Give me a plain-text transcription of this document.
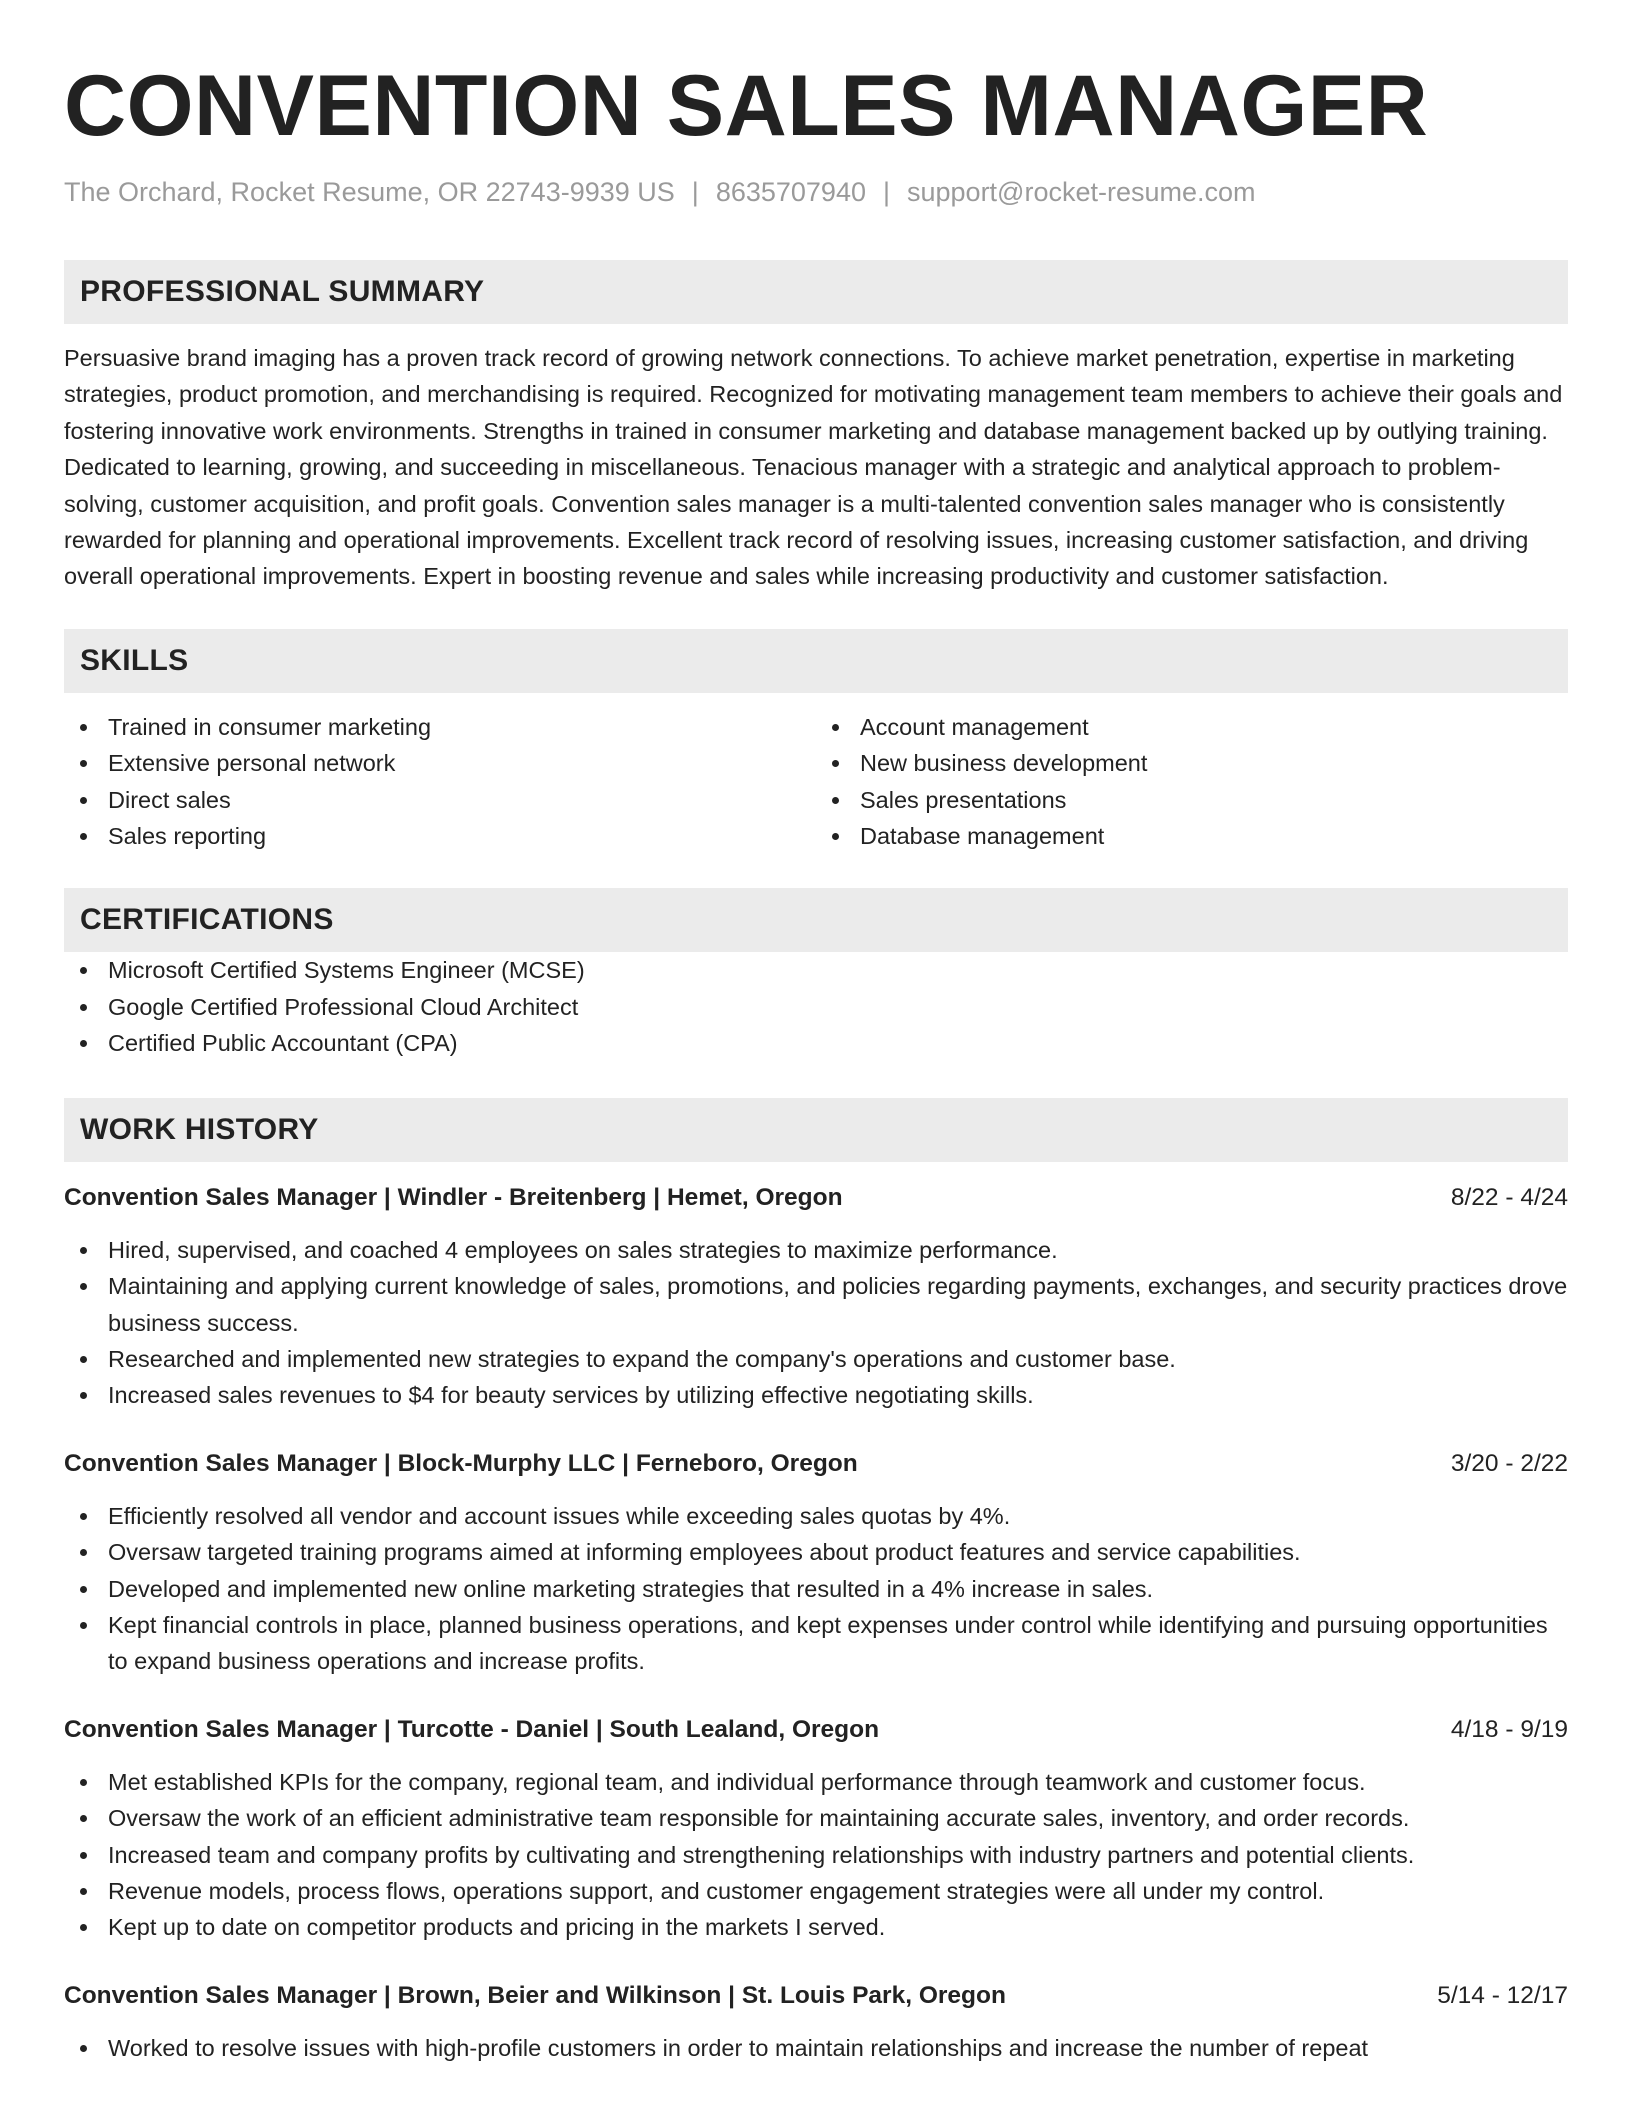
CONVENTION SALES MANAGER
The Orchard, Rocket Resume, OR 22743-9939 US | 8635707940 | support@rocket-resume.com
PROFESSIONAL SUMMARY

Persuasive brand imaging has a proven track record of growing network connections. To achieve market penetration, expertise in marketing strategies, product promotion, and merchandising is required. Recognized for motivating management team members to achieve their goals and fostering innovative work environments. Strengths in trained in consumer marketing and database management backed up by outlying training. Dedicated to learning, growing, and succeeding in miscellaneous. Tenacious manager with a strategic and analytical approach to problem-solving, customer acquisition, and profit goals. Convention sales manager is a multi-talented convention sales manager who is consistently rewarded for planning and operational improvements. Excellent track record of resolving issues, increasing customer satisfaction, and driving overall operational improvements. Expert in boosting revenue and sales while increasing productivity and customer satisfaction.

SKILLS
Trained in consumer marketing
Extensive personal network
Direct sales
Sales reporting
Account management
New business development
Sales presentations
Database management
CERTIFICATIONS
Microsoft Certified Systems Engineer (MCSE)
Google Certified Professional Cloud Architect
Certified Public Accountant (CPA)
WORK HISTORY
Convention Sales Manager | Windler - Breitenberg | Hemet, Oregon	8/22 - 4/24
Hired, supervised, and coached 4 employees on sales strategies to maximize performance.
Maintaining and applying current knowledge of sales, promotions, and policies regarding payments, exchanges, and security practices drove business success.
Researched and implemented new strategies to expand the company's operations and customer base.
Increased sales revenues to $4 for beauty services by utilizing effective negotiating skills.
Convention Sales Manager | Block-Murphy LLC | Ferneboro, Oregon	3/20 - 2/22
Efficiently resolved all vendor and account issues while exceeding sales quotas by 4%.
Oversaw targeted training programs aimed at informing employees about product features and service capabilities.
Developed and implemented new online marketing strategies that resulted in a 4% increase in sales.
Kept financial controls in place, planned business operations, and kept expenses under control while identifying and pursuing opportunities to expand business operations and increase profits.
Convention Sales Manager | Turcotte - Daniel | South Lealand, Oregon	4/18 - 9/19
Met established KPIs for the company, regional team, and individual performance through teamwork and customer focus.
Oversaw the work of an efficient administrative team responsible for maintaining accurate sales, inventory, and order records.
Increased team and company profits by cultivating and strengthening relationships with industry partners and potential clients.
Revenue models, process flows, operations support, and customer engagement strategies were all under my control.
Kept up to date on competitor products and pricing in the markets I served.
Convention Sales Manager | Brown, Beier and Wilkinson | St. Louis Park, Oregon	5/14 - 12/17
Worked to resolve issues with high-profile customers in order to maintain relationships and increase the number of repeat
